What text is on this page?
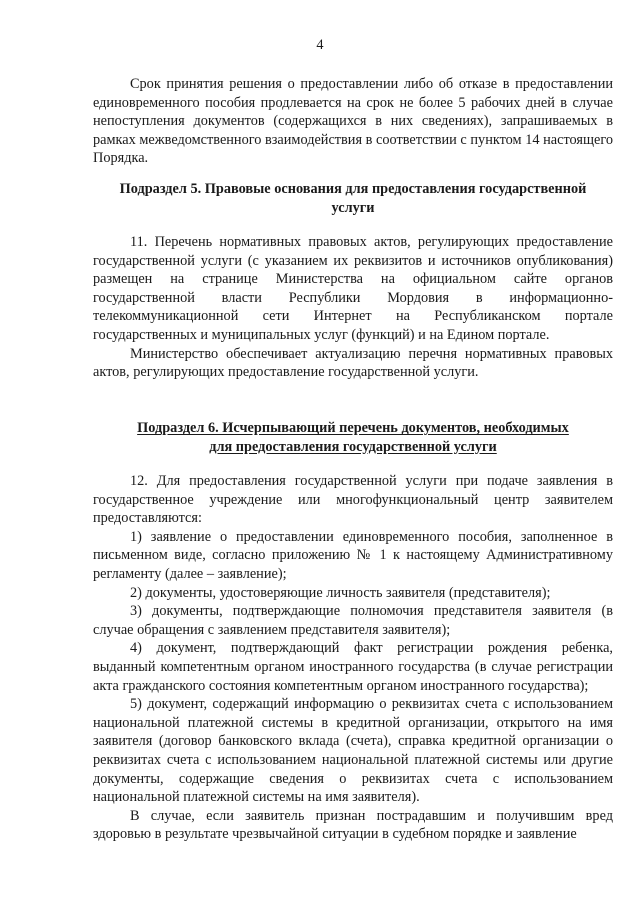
4

Срок принятия решения о предоставлении либо об отказе в предоставлении единовременного пособия продлевается на срок не более 5 рабочих дней в случае непоступления документов (содержащихся в них сведениях), запрашиваемых в рамках межведомственного взаимодействия в соответствии с пунктом 14 настоящего Порядка.

Подраздел 5. Правовые основания для предоставления государственной
услуги

11. Перечень нормативных правовых актов, регулирующих предоставление государственной услуги (с указанием их реквизитов и источников опубликования) размещен на странице Министерства на официальном сайте органов государственной власти Республики Мордовия в информационно-телекоммуникационной сети Интернет на Республиканском портале государственных и муниципальных услуг (функций) и на Едином портале.

Министерство обеспечивает актуализацию перечня нормативных правовых актов, регулирующих предоставление государственной услуги.

Подраздел 6. Исчерпывающий перечень документов, необходимых
для предоставления государственной услуги

12. Для предоставления государственной услуги при подаче заявления в государственное учреждение или многофункциональный центр заявителем предоставляются:

1) заявление о предоставлении единовременного пособия, заполненное в письменном виде, согласно приложению № 1 к настоящему Административному регламенту (далее – заявление);

2) документы, удостоверяющие личность заявителя (представителя);

3) документы, подтверждающие полномочия представителя заявителя (в случае обращения с заявлением представителя заявителя);

4) документ, подтверждающий факт регистрации рождения ребенка, выданный компетентным органом иностранного государства (в случае регистрации акта гражданского состояния компетентным органом иностранного государства);

5) документ, содержащий информацию о реквизитах счета с использованием национальной платежной системы в кредитной организации, открытого на имя заявителя (договор банковского вклада (счета), справка кредитной организации о реквизитах счета с использованием национальной платежной системы или другие документы, содержащие сведения о реквизитах счета с использованием национальной платежной системы на имя заявителя).

В случае, если заявитель признан пострадавшим и получившим вред здоровью в результате чрезвычайной ситуации в судебном порядке и заявление
